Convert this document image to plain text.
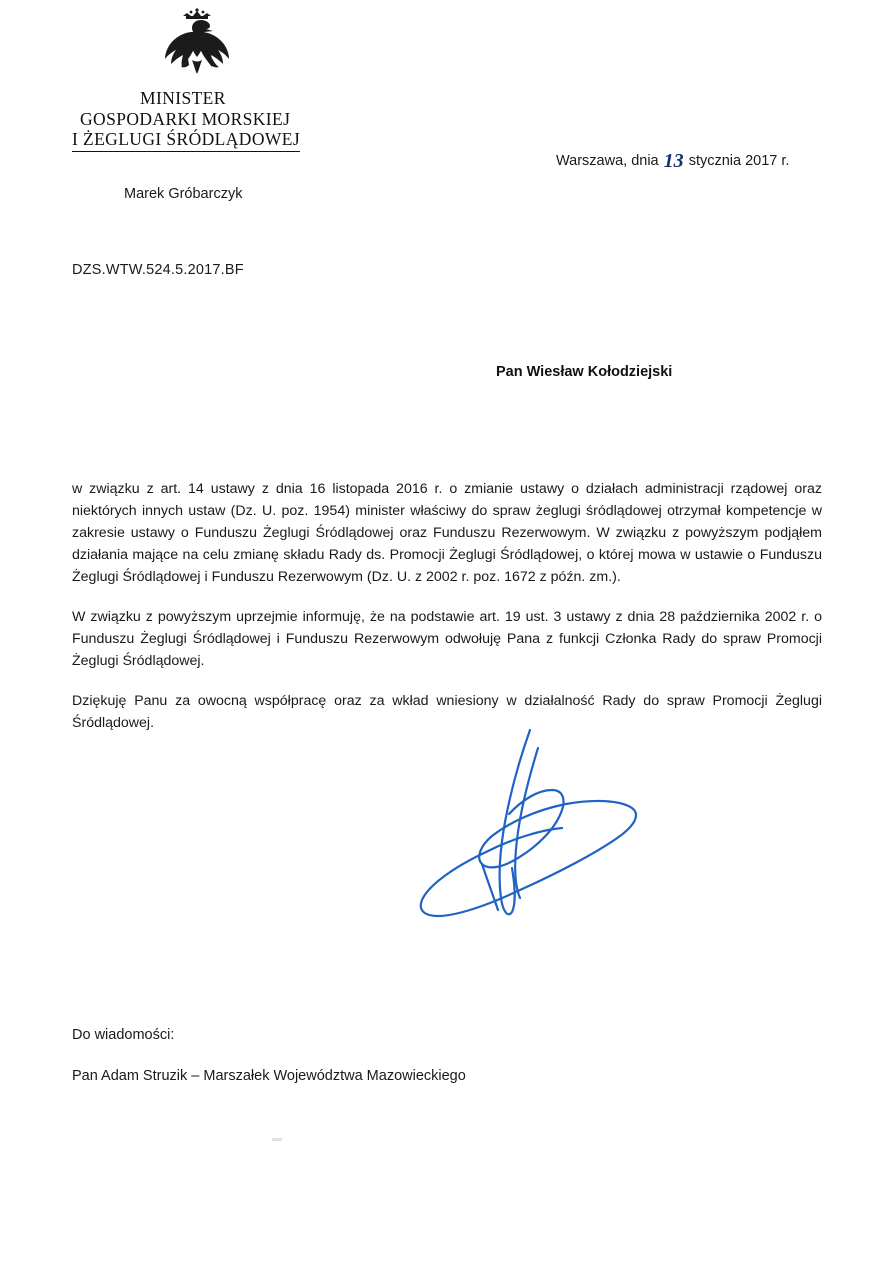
MINISTER
GOSPODARKI MORSKIEJ
I ŻEGLUGI ŚRÓDLĄDOWEJ
Warszawa, dnia 13 stycznia 2017 r.
Marek Gróbarczyk
DZS.WTW.524.5.2017.BF
Pan Wiesław Kołodziejski

w związku z art. 14 ustawy z dnia 16 listopada 2016 r. o zmianie ustawy o działach administracji rządowej oraz niektórych innych ustaw (Dz. U. poz. 1954) minister właściwy do spraw żeglugi śródlądowej otrzymał kompetencje w zakresie ustawy o Funduszu Żeglugi Śródlądowej oraz Funduszu Rezerwowym. W związku z powyższym podjąłem działania mające na celu zmianę składu Rady ds. Promocji Żeglugi Śródlądowej, o której mowa w ustawie o Funduszu Żeglugi Śródlądowej i Funduszu Rezerwowym (Dz. U. z 2002 r. poz. 1672 z późn. zm.).

W związku z powyższym uprzejmie informuję, że na podstawie art. 19 ust. 3 ustawy z dnia 28 października 2002 r. o Funduszu Żeglugi Śródlądowej i Funduszu Rezerwowym odwołuję Pana z funkcji Członka Rady do spraw Promocji Żeglugi Śródlądowej.

Dziękuję Panu za owocną współpracę oraz za wkład wniesiony w działalność Rady do spraw Promocji Żeglugi Śródlądowej.

Do wiadomości:
Pan Adam Struzik – Marszałek Województwa Mazowieckiego
